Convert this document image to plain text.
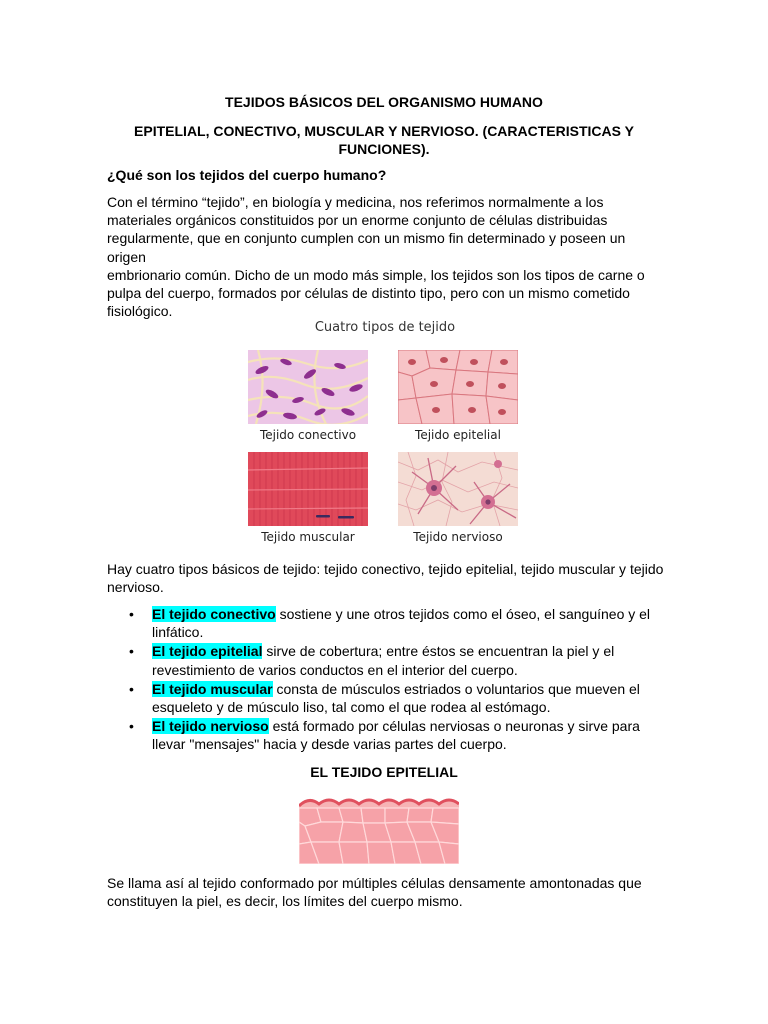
TEJIDOS BÁSICOS DEL ORGANISMO HUMANO
EPITELIAL, CONECTIVO, MUSCULAR Y NERVIOSO. (CARACTERISTICAS Y
FUNCIONES).
¿Qué son los tejidos del cuerpo humano?
Con el término “tejido”, en biología y medicina, nos referimos normalmente a los
materiales orgánicos constituidos por un enorme conjunto de células distribuidas
regularmente, que en conjunto cumplen con un mismo fin determinado y poseen un origen
embrionario común. Dicho de un modo más simple, los tejidos son los tipos de carne o
pulpa del cuerpo, formados por células de distinto tipo, pero con un mismo cometido
fisiológico.
Cuatro tipos de tejido
Tejido conectivo	Tejido epitelial
Tejido muscular	Tejido nervioso
Hay cuatro tipos básicos de tejido: tejido conectivo, tejido epitelial, tejido muscular y tejido
nervioso.
• El tejido conectivo sostiene y une otros tejidos como el óseo, el sanguíneo y el
linfático.
• El tejido epitelial sirve de cobertura; entre éstos se encuentran la piel y el
revestimiento de varios conductos en el interior del cuerpo.
• El tejido muscular consta de músculos estriados o voluntarios que mueven el
esqueleto y de músculo liso, tal como el que rodea al estómago.
• El tejido nervioso está formado por células nerviosas o neuronas y sirve para
llevar "mensajes" hacia y desde varias partes del cuerpo.
EL TEJIDO EPITELIAL
Se llama así al tejido conformado por múltiples células densamente amontonadas que
constituyen la piel, es decir, los límites del cuerpo mismo.
